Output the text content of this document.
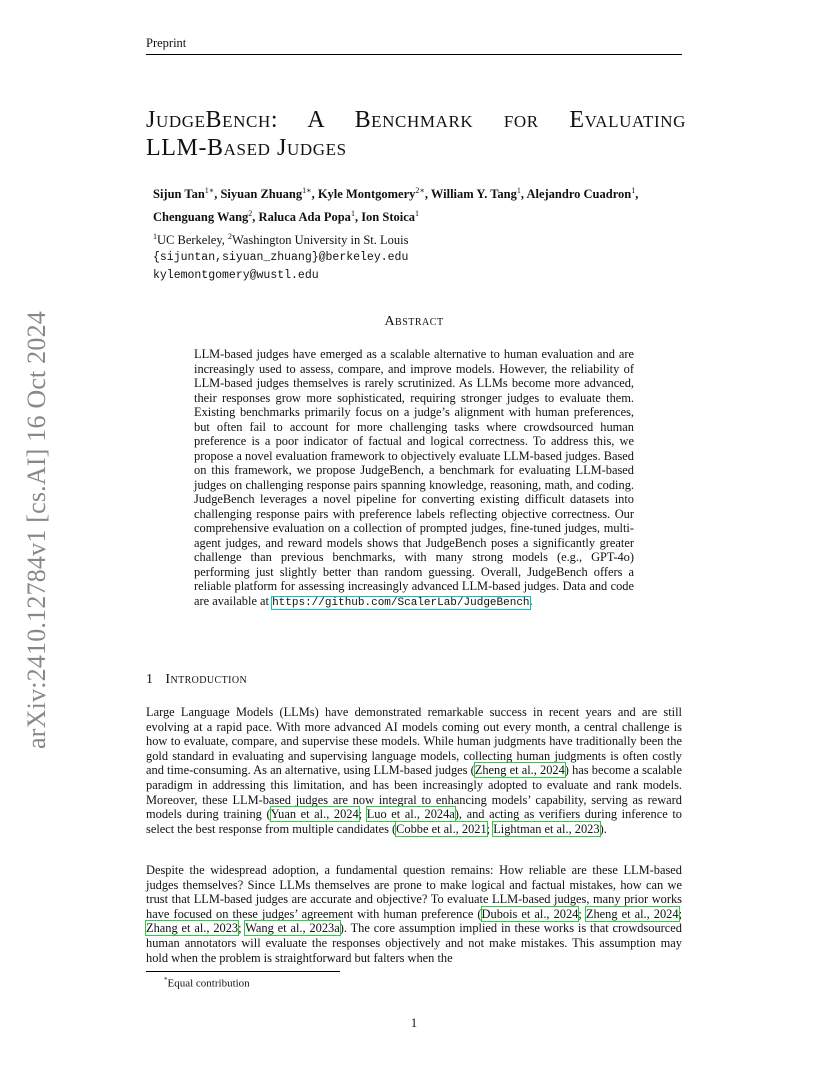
Preprint
arXiv:2410.12784v1 [cs.AI] 16 Oct 2024
JudgeBench: A Benchmark for Evaluating
LLM-Based Judges
Sijun Tan$^{1∗}$, Siyuan Zhuang$^{1∗}$, Kyle Montgomery$^{2∗}$, William Y. Tang$^1$, Alejandro Cuadron$^1$,
Chenguang Wang$^2$, Raluca Ada Popa$^1$, Ion Stoica$^1$
$^1$UC Berkeley, $^2$Washington University in St. Louis
{sijuntan,siyuan_zhuang}@berkeley.edu
kylemontgomery@wustl.edu
Abstract
LLM-based judges have emerged as a scalable alternative to human evaluation and are increasingly used to assess, compare, and improve models. However, the reliability of LLM-based judges themselves is rarely scrutinized. As LLMs become more advanced, their responses grow more sophisticated, requiring stronger judges to evaluate them. Existing benchmarks primarily focus on a judge’s alignment with human preferences, but often fail to account for more challenging tasks where crowdsourced human preference is a poor indicator of factual and logical correctness. To address this, we propose a novel evaluation framework to objectively evaluate LLM-based judges. Based on this framework, we propose JudgeBench, a benchmark for evaluating LLM-based judges on challenging response pairs spanning knowledge, reasoning, math, and coding. JudgeBench leverages a novel pipeline for converting existing difficult datasets into challenging response pairs with preference labels reflecting objective correctness. Our comprehensive evaluation on a collection of prompted judges, fine-tuned judges, multi-agent judges, and reward models shows that JudgeBench poses a significantly greater challenge than previous benchmarks, with many strong models (e.g., GPT-4o) performing just slightly better than random guessing. Overall, JudgeBench offers a reliable platform for assessing increasingly advanced LLM-based judges. Data and code are available at https://github.com/ScalerLab/JudgeBench.
1 Introduction
Large Language Models (LLMs) have demonstrated remarkable success in recent years and are still evolving at a rapid pace. With more advanced AI models coming out every month, a central challenge is how to evaluate, compare, and supervise these models. While human judgments have traditionally been the gold standard in evaluating and supervising language models, collecting human judgments is often costly and time-consuming. As an alternative, using LLM-based judges (Zheng et al., 2024) has become a scalable paradigm in addressing this limitation, and has been increasingly adopted to evaluate and rank models. Moreover, these LLM-based judges are now integral to enhancing models’ capability, serving as reward models during training (Yuan et al., 2024; Luo et al., 2024a), and acting as verifiers during inference to select the best response from multiple candidates (Cobbe et al., 2021; Lightman et al., 2023).
Despite the widespread adoption, a fundamental question remains: How reliable are these LLM-based judges themselves? Since LLMs themselves are prone to make logical and factual mistakes, how can we trust that LLM-based judges are accurate and objective? To evaluate LLM-based judges, many prior works have focused on these judges’ agreement with human preference (Dubois et al., 2024; Zheng et al., 2024; Zhang et al., 2023; Wang et al., 2023a). The core assumption implied in these works is that crowdsourced human annotators will evaluate the responses objectively and not make mistakes. This assumption may hold when the problem is straightforward but falters when the
*Equal contribution
1
